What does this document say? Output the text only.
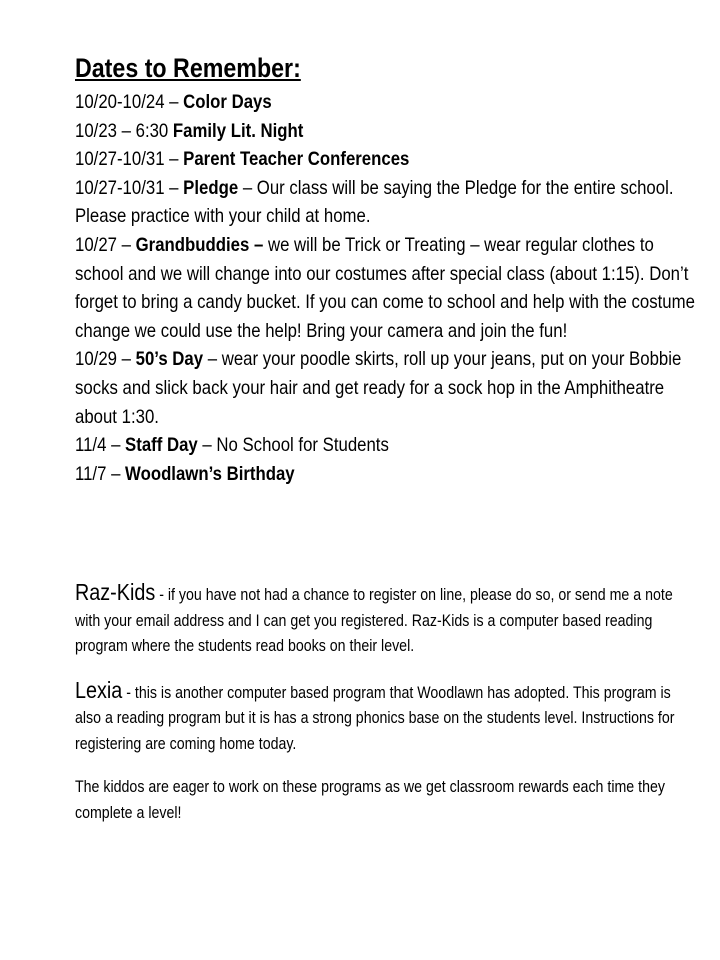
Dates to Remember:

10/20-10/24 – Color Days

10/23 – 6:30 Family Lit. Night

10/27-10/31 – Parent Teacher Conferences

10/27-10/31 – Pledge – Our class will be saying the Pledge for the entire school. Please practice with your child at home.

10/27 – Grandbuddies – we will be Trick or Treating – wear regular clothes to school and we will change into our costumes after special class (about 1:15). Don’t forget to bring a candy bucket. If you can come to school and help with the costume change we could use the help! Bring your camera and join the fun!

10/29 – 50’s Day – wear your poodle skirts, roll up your jeans, put on your Bobbie socks and slick back your hair and get ready for a sock hop in the Amphitheatre about 1:30.

11/4 – Staff Day – No School for Students

11/7 – Woodlawn’s Birthday

Raz-Kids - if you have not had a chance to register on line, please do so, or send me a note with your email address and I can get you registered. Raz-Kids is a computer based reading program where the students read books on their level.

Lexia - this is another computer based program that Woodlawn has adopted. This program is also a reading program but it is has a strong phonics base on the students level. Instructions for registering are coming home today.

The kiddos are eager to work on these programs as we get classroom rewards each time they complete a level!
